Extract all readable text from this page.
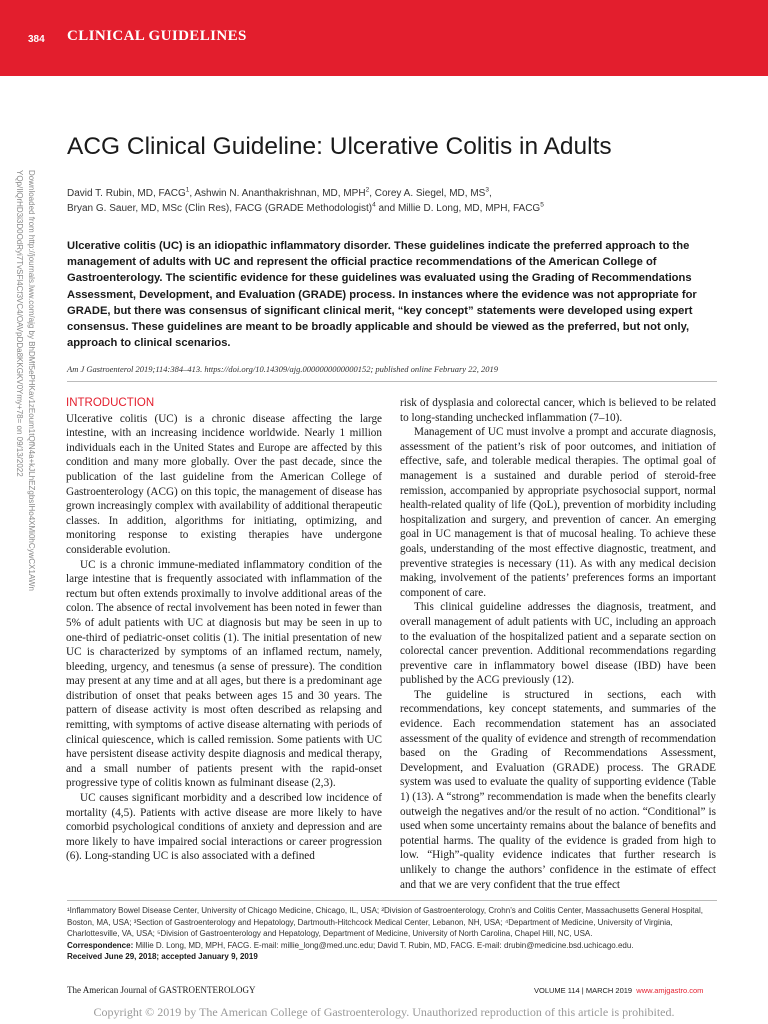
384 CLINICAL GUIDELINES
Downloaded from http://journals.lww.com/ajg by BhDMf5ePHKav1zEoum1tQfN4a+kJLhEZgbsIHo4XMi0hCywCX1AWn
YQp/IlQrHD3i3D0OdRyi7TvSFl4Cf3VC4/OAVpDDa8KKGKV0Ymy+78= on 09/13/2022
ACG Clinical Guideline: Ulcerative Colitis in Adults
David T. Rubin, MD, FACG$^1$, Ashwin N. Ananthakrishnan, MD, MPH$^2$, Corey A. Siegel, MD, $MS^3$,
Bryan G. Sauer, MD, MSc (Clin Res), FACG (GRADE Methodologist)$^4$ and Millie D. Long, MD, MPH, FACG$^5$
Ulcerative colitis (UC) is an idiopathic inflammatory disorder. These guidelines indicate the preferred approach to the management of adults with UC and represent the official practice recommendations of the American College of Gastroenterology. The scientific evidence for these guidelines was evaluated using the Grading of Recommendations Assessment, Development, and Evaluation (GRADE) process. In instances where the evidence was not appropriate for GRADE, but there was consensus of significant clinical merit, “key concept” statements were developed using expert consensus. These guidelines are meant to be broadly applicable and should be viewed as the preferred, but not only, approach to clinical scenarios.
Am J Gastroenterol 2019;114:384–413. https://doi.org/10.14309/ajg.0000000000000152; published online February 22, 2019
INTRODUCTION

Ulcerative colitis (UC) is a chronic disease affecting the large intestine, with an increasing incidence worldwide. Nearly 1 million individuals each in the United States and Europe are affected by this condition and many more globally. Over the past decade, since the publication of the last guideline from the American College of Gastroenterology (ACG) on this topic, the management of disease has grown increasingly complex with availability of additional therapeutic classes. In addition, algorithms for initiating, optimizing, and monitoring response to existing therapies have undergone considerable evolution.

UC is a chronic immune-mediated inflammatory condition of the large intestine that is frequently associated with inflammation of the rectum but often extends proximally to involve additional areas of the colon. The absence of rectal involvement has been noted in fewer than 5% of adult patients with UC at diagnosis but may be seen in up to one-third of pediatric-onset colitis (1). The initial presentation of new UC is characterized by symptoms of an inflamed rectum, namely, bleeding, urgency, and tenesmus (a sense of pressure). The condition may present at any time and at all ages, but there is a predominant age distribution of onset that peaks between ages 15 and 30 years. The pattern of disease activity is most often described as relapsing and remitting, with symptoms of active disease alternating with periods of clinical quiescence, which is called remission. Some patients with UC have persistent disease activity despite diagnosis and medical therapy, and a small number of patients present with the rapid-onset progressive type of colitis known as fulminant disease (2,3).

UC causes significant morbidity and a described low incidence of mortality (4,5). Patients with active disease are more likely to have comorbid psychological conditions of anxiety and depression and are more likely to have impaired social interactions or career progression (6). Long-standing UC is also associated with a defined

risk of dysplasia and colorectal cancer, which is believed to be related to long-standing unchecked inflammation (7–10).

Management of UC must involve a prompt and accurate diagnosis, assessment of the patient’s risk of poor outcomes, and initiation of effective, safe, and tolerable medical therapies. The optimal goal of management is a sustained and durable period of steroid-free remission, accompanied by appropriate psychosocial support, normal health-related quality of life (QoL), prevention of morbidity including hospitalization and surgery, and prevention of cancer. An emerging goal in UC management is that of mucosal healing. To achieve these goals, understanding of the most effective diagnostic, treatment, and preventive strategies is necessary (11). As with any medical decision making, involvement of the patients’ preferences forms an important component of care.

This clinical guideline addresses the diagnosis, treatment, and overall management of adult patients with UC, including an approach to the evaluation of the hospitalized patient and a separate section on colorectal cancer prevention. Additional recommendations regarding preventive care in inflammatory bowel disease (IBD) have been published by the ACG previously (12).

The guideline is structured in sections, each with recommendations, key concept statements, and summaries of the evidence. Each recommendation statement has an associated assessment of the quality of evidence and strength of recommendation based on the Grading of Recommendations Assessment, Development, and Evaluation (GRADE) process. The GRADE system was used to evaluate the quality of supporting evidence (Table 1) (13). A “strong” recommendation is made when the benefits clearly outweigh the negatives and/or the result of no action. “Conditional” is used when some uncertainty remains about the balance of benefits and potential harms. The quality of the evidence is graded from high to low. “High”-quality evidence indicates that further research is unlikely to change the authors’ confidence in the estimate of effect and that we are very confident that the true effect

¹Inflammatory Bowel Disease Center, University of Chicago Medicine, Chicago, IL, USA; ²Division of Gastroenterology, Crohn’s and Colitis Center, Massachusetts General Hospital, Boston, MA, USA; ³Section of Gastroenterology and Hepatology, Dartmouth-Hitchcock Medical Center, Lebanon, NH, USA; ⁴Department of Medicine, University of Virginia, Charlottesville, VA, USA; ⁵Division of Gastroenterology and Hepatology, Department of Medicine, University of North Carolina, Chapel Hill, NC, USA.
Correspondence: Millie D. Long, MD, MPH, FACG. E-mail: millie_long@med.unc.edu; David T. Rubin, MD, FACG. E-mail: drubin@medicine.bsd.uchicago.edu.
Received June 29, 2018; accepted January 9, 2019
The American Journal of GASTROENTEROLOGY	VOLUME 114 | MARCH 2019 www.amjgastro.com
Copyright © 2019 by The American College of Gastroenterology. Unauthorized reproduction of this article is prohibited.
